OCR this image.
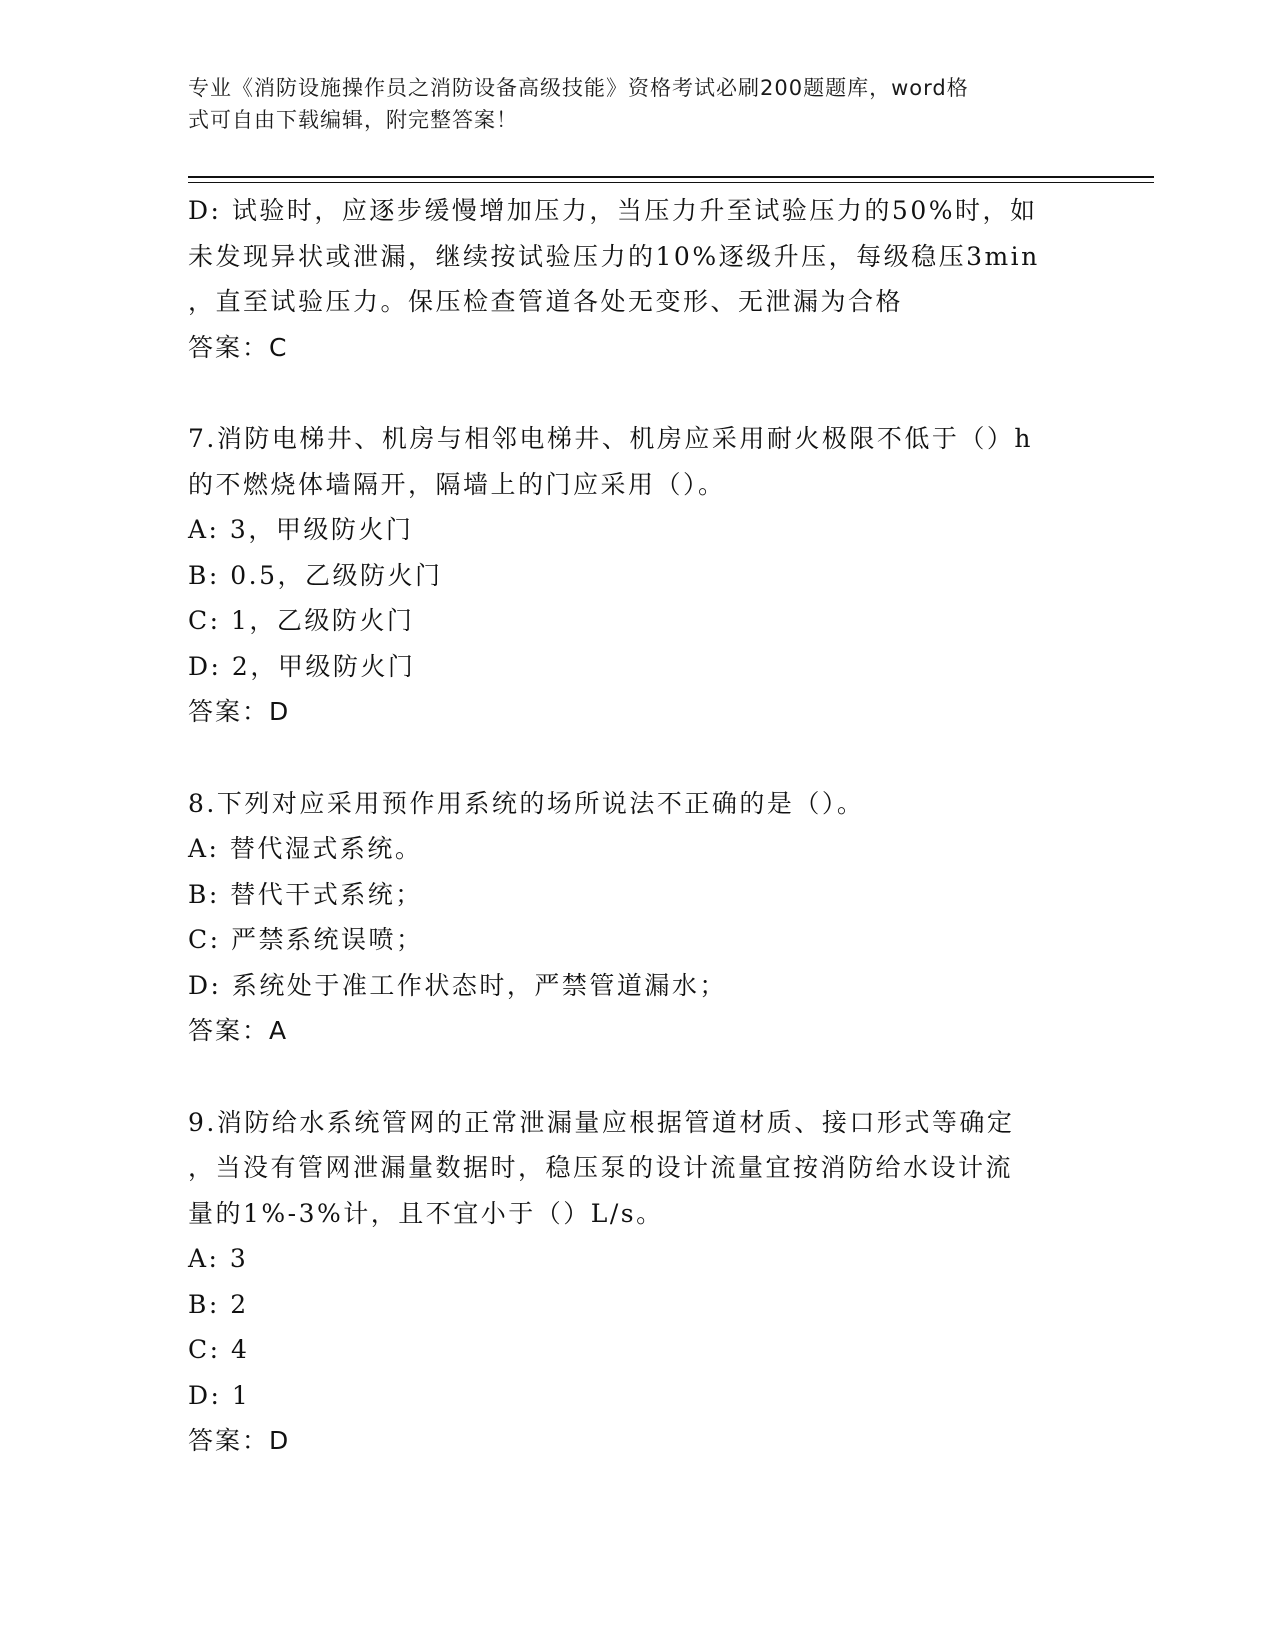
专业《消防设施操作员之消防设备高级技能》资格考试必刷200题题库，word格
式可自由下载编辑，附完整答案！
D: 试验时，应逐步缓慢增加压力，当压力升至试验压力的50%时，如
未发现异状或泄漏，继续按试验压力的10%逐级升压，每级稳压3min
，直至试验压力。保压检查管道各处无变形、无泄漏为合格
答案：C
7.消防电梯井、机房与相邻电梯井、机房应采用耐火极限不低于（）h
的不燃烧体墙隔开，隔墙上的门应采用（）。
A: 3，甲级防火门
B: 0.5，乙级防火门
C: 1，乙级防火门
D: 2，甲级防火门
答案：D
8.下列对应采用预作用系统的场所说法不正确的是（）。
A: 替代湿式系统。
B: 替代干式系统；
C: 严禁系统误喷；
D: 系统处于准工作状态时，严禁管道漏水；
答案：A
9.消防给水系统管网的正常泄漏量应根据管道材质、接口形式等确定
，当没有管网泄漏量数据时，稳压泵的设计流量宜按消防给水设计流
量的1%-3%计，且不宜小于（）L/s。
A: 3
B: 2
C: 4
D: 1
答案：D
